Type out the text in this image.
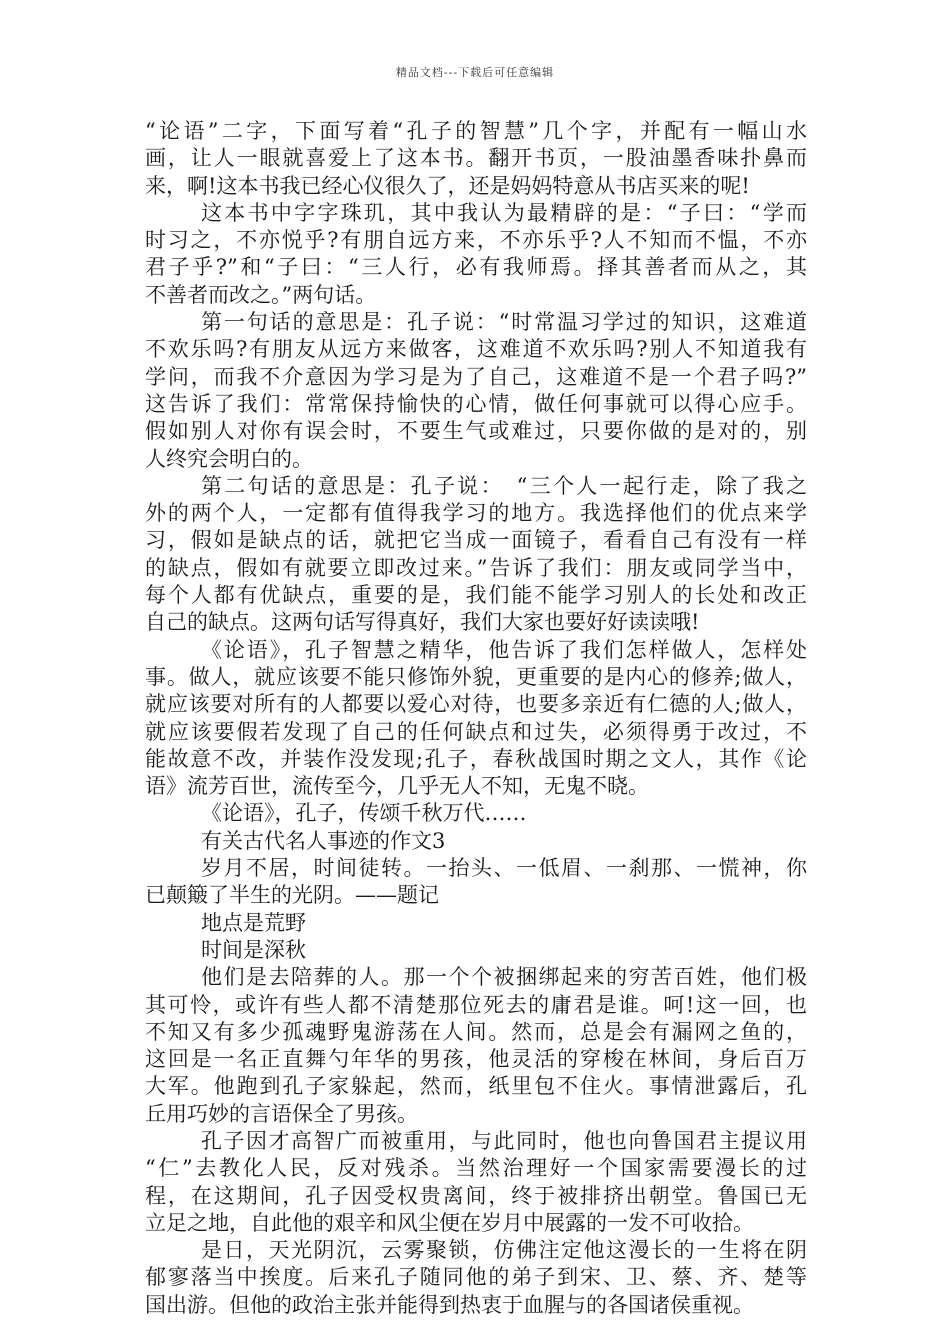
精品文档---下载后可任意编辑
“论语”二字，下面写着“孔子的智慧”几个字，并配有一幅山水
画，让人一眼就喜爱上了这本书。翻开书页，一股油墨香味扑鼻而
来，啊!这本书我已经心仪很久了，还是妈妈特意从书店买来的呢!
这本书中字字珠玑，其中我认为最精辟的是：“子曰：“学而
时习之，不亦悦乎?有朋自远方来，不亦乐乎?人不知而不愠，不亦
君子乎?”和“子曰：“三人行，必有我师焉。择其善者而从之，其
不善者而改之。”两句话。
第一句话的意思是：孔子说：“时常温习学过的知识，这难道
不欢乐吗?有朋友从远方来做客，这难道不欢乐吗?别人不知道我有
学问，而我不介意因为学习是为了自己，这难道不是一个君子吗?”
这告诉了我们：常常保持愉快的心情，做任何事就可以得心应手。
假如别人对你有误会时，不要生气或难过，只要你做的是对的，别
人终究会明白的。
第二句话的意思是：孔子说：　“三个人一起行走，除了我之
外的两个人，一定都有值得我学习的地方。我选择他们的优点来学
习，假如是缺点的话，就把它当成一面镜子，看看自己有没有一样
的缺点，假如有就要立即改过来。”告诉了我们：朋友或同学当中，
每个人都有优缺点，重要的是，我们能不能学习别人的长处和改正
自己的缺点。这两句话写得真好，我们大家也要好好读读哦!
《论语》，孔子智慧之精华，他告诉了我们怎样做人，怎样处
事。做人，就应该要不能只修饰外貌，更重要的是内心的修养;做人，
就应该要对所有的人都要以爱心对待，也要多亲近有仁德的人;做人，
就应该要假若发现了自己的任何缺点和过失，必须得勇于改过，不
能故意不改，并装作没发现;孔子，春秋战国时期之文人，其作《论
语》流芳百世，流传至今，几乎无人不知，无鬼不晓。
《论语》，孔子，传颂千秋万代……
有关古代名人事迹的作文3
岁月不居，时间徒转。一抬头、一低眉、一刹那、一慌神，你
已颠簸了半生的光阴。——题记
地点是荒野
时间是深秋
他们是去陪葬的人。那一个个被捆绑起来的穷苦百姓，他们极
其可怜，或许有些人都不清楚那位死去的庸君是谁。呵!这一回，也
不知又有多少孤魂野鬼游荡在人间。然而，总是会有漏网之鱼的，
这回是一名正直舞勺年华的男孩，他灵活的穿梭在林间，身后百万
大军。他跑到孔子家躲起，然而，纸里包不住火。事情泄露后，孔
丘用巧妙的言语保全了男孩。
孔子因才高智广而被重用，与此同时，他也向鲁国君主提议用
“仁”去教化人民，反对残杀。当然治理好一个国家需要漫长的过
程，在这期间，孔子因受权贵离间，终于被排挤出朝堂。鲁国已无
立足之地，自此他的艰辛和风尘便在岁月中展露的一发不可收拾。
是日，天光阴沉，云雾聚锁，仿佛注定他这漫长的一生将在阴
郁寥落当中挨度。后来孔子随同他的弟子到宋、卫、蔡、齐、楚等
国出游。但他的政治主张并能得到热衷于血腥与的各国诸侯重视。
